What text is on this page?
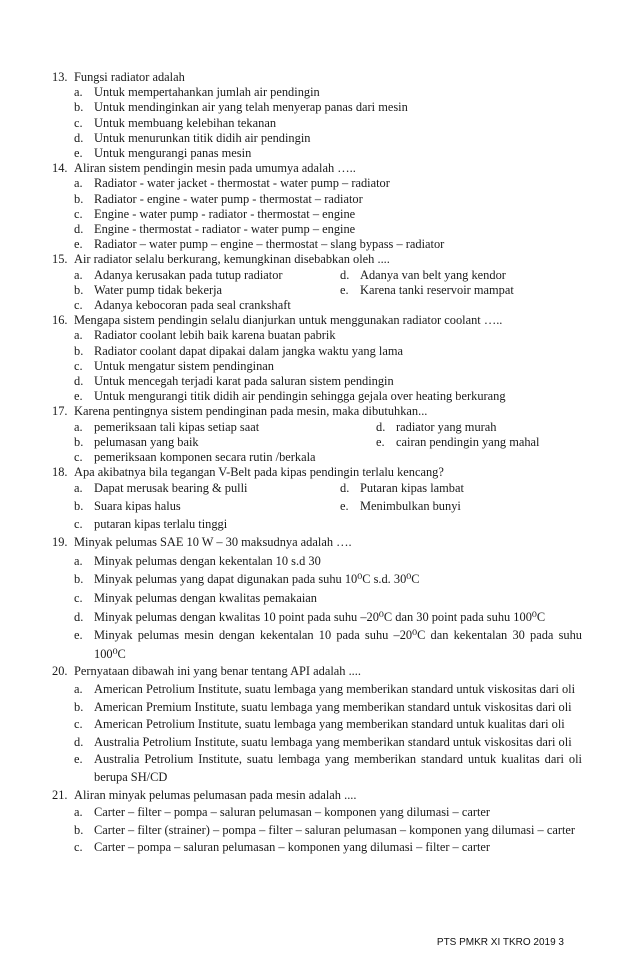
13. Fungsi radiator adalah
a. Untuk mempertahankan jumlah air pendingin
b. Untuk mendinginkan air yang telah menyerap panas dari mesin
c. Untuk membuang kelebihan tekanan
d. Untuk menurunkan titik didih air pendingin
e. Untuk mengurangi panas mesin
14. Aliran sistem pendingin mesin pada umumya adalah …..
a. Radiator - water jacket - thermostat - water pump – radiator
b. Radiator - engine - water pump - thermostat – radiator
c. Engine - water pump - radiator - thermostat – engine
d. Engine - thermostat - radiator - water pump – engine
e. Radiator – water pump – engine – thermostat – slang bypass – radiator
15. Air radiator selalu berkurang, kemungkinan disebabkan oleh ....
a. Adanya kerusakan pada tutup radiator	d. Adanya van belt yang kendor
b. Water pump tidak bekerja	e. Karena tanki reservoir mampat
c. Adanya kebocoran pada seal crankshaft
16. Mengapa sistem pendingin selalu dianjurkan untuk menggunakan radiator coolant …..
a. Radiator coolant lebih baik karena buatan pabrik
b. Radiator coolant dapat dipakai dalam jangka waktu yang lama
c. Untuk mengatur sistem pendinginan
d. Untuk mencegah terjadi karat pada saluran sistem pendingin
e. Untuk mengurangi titik didih air pendingin sehingga gejala over heating berkurang
17. Karena pentingnya sistem pendinginan pada mesin, maka dibutuhkan...
a. pemeriksaan tali kipas setiap saat	d. radiator yang murah
b. pelumasan yang baik	e. cairan pendingin yang mahal
c. pemeriksaan komponen secara rutin /berkala
18. Apa akibatnya bila tegangan V-Belt pada kipas pendingin terlalu kencang?
a. Dapat merusak bearing & pulli	d. Putaran kipas lambat
b. Suara kipas halus	e. Menimbulkan bunyi
c. putaran kipas terlalu tinggi
19. Minyak pelumas SAE 10 W – 30 maksudnya adalah ….
a. Minyak pelumas dengan kekentalan 10 s.d 30
b. Minyak pelumas yang dapat digunakan pada suhu 10⁰C s.d. 30⁰C
c. Minyak pelumas dengan kwalitas pemakaian
d. Minyak pelumas dengan kwalitas 10 point pada suhu –20⁰C dan 30 point pada suhu 100⁰C
e. Minyak pelumas mesin dengan kekentalan 10 pada suhu –20⁰C dan kekentalan 30 pada suhu 100⁰C
20. Pernyataan dibawah ini yang benar tentang API adalah ....
a. American Petrolium Institute, suatu lembaga yang memberikan standard untuk viskositas dari oli
b. American Premium Institute, suatu lembaga yang memberikan standard untuk viskositas dari oli
c. American Petrolium Institute, suatu lembaga yang memberikan standard untuk kualitas dari oli
d. Australia Petrolium Institute, suatu lembaga yang memberikan standard untuk viskositas dari oli
e. Australia Petrolium Institute, suatu lembaga yang memberikan standard untuk kualitas dari oli berupa SH/CD
21. Aliran minyak pelumas pelumasan pada mesin adalah ....
a. Carter – filter – pompa – saluran pelumasan – komponen yang dilumasi – carter
b. Carter – filter (strainer) – pompa – filter – saluran pelumasan – komponen yang dilumasi – carter
c. Carter – pompa – saluran pelumasan – komponen yang dilumasi – filter – carter
PTS PMKR XI TKRO 2019 3
